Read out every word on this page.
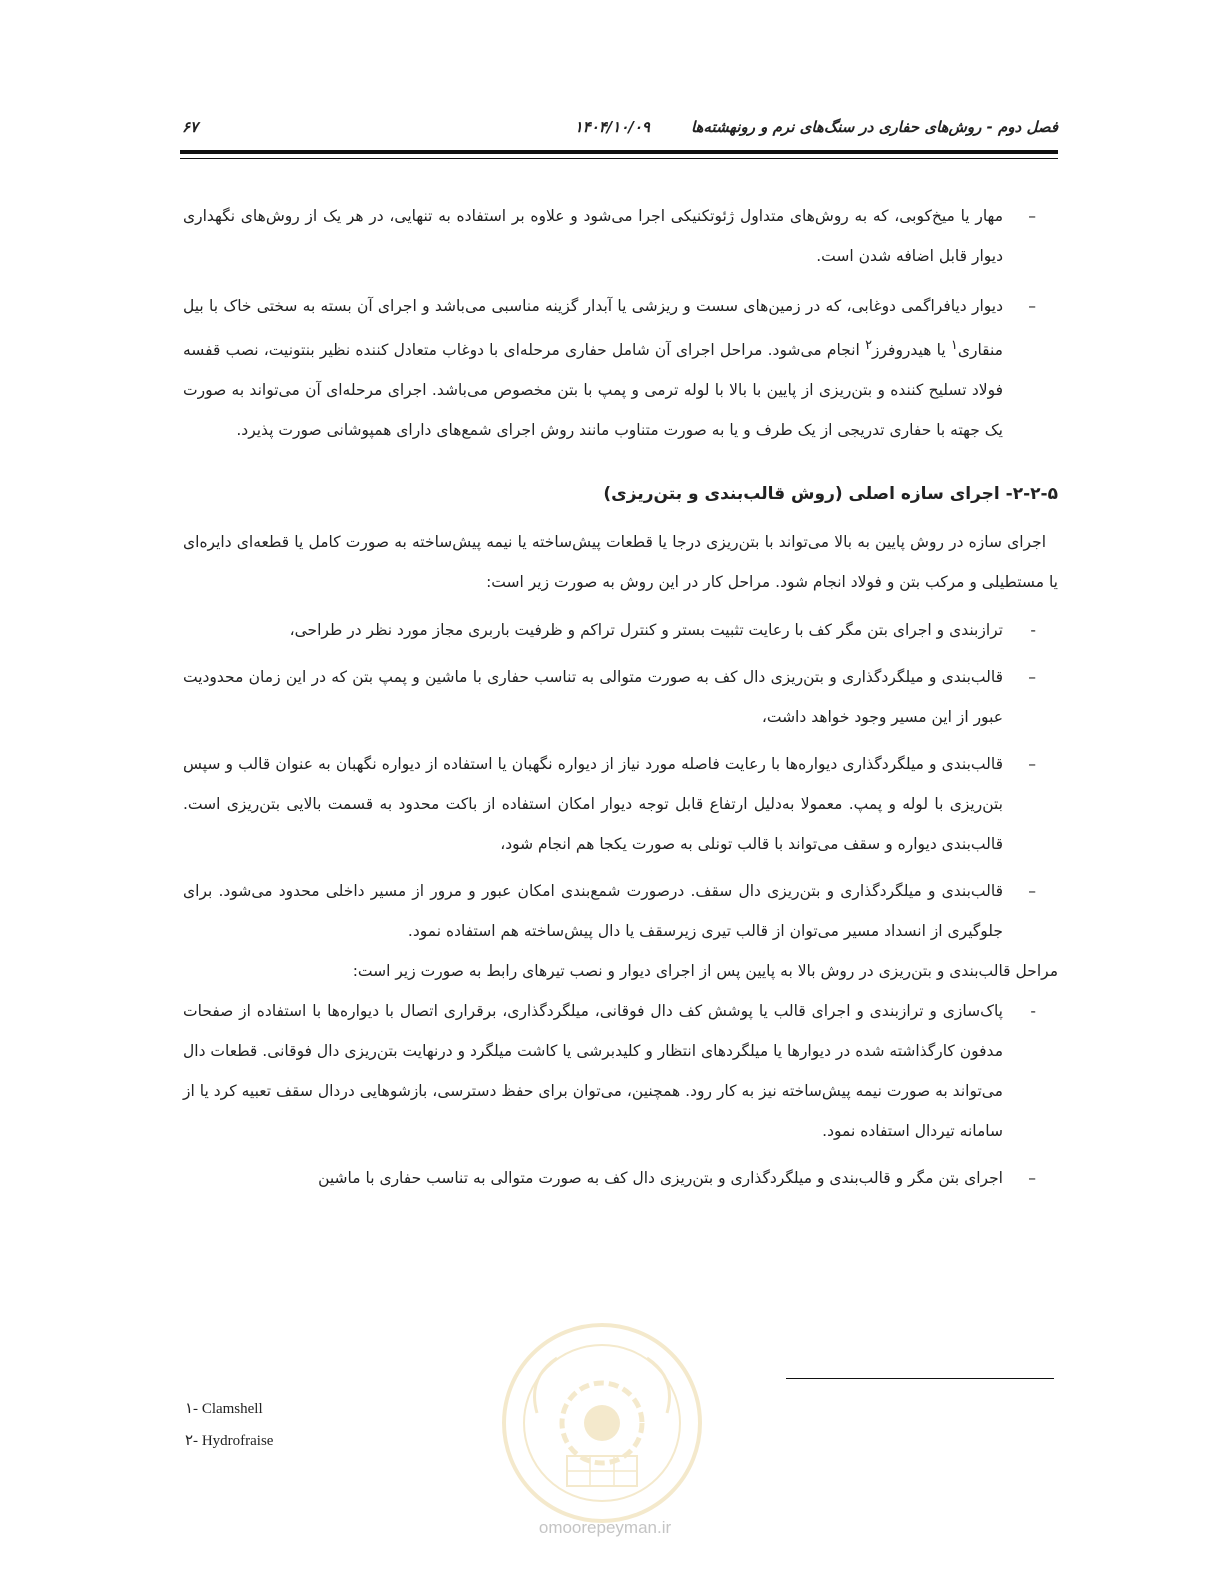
فصل دوم - روش‌های حفاری در سنگ‌های نرم و رونهشته‌ها
۱۴۰۴/۱۰/۰۹
۶۷
–
مهار یا میخ‌کوبی، که به روش‌های متداول ژئوتکنیکی اجرا می‌شود و علاوه بر استفاده به تنهایی، در هر یک از روش‌های نگهداری دیوار قابل اضافه شدن است.
–
دیوار دیافراگمی دوغابی، که در زمین‌های سست و ریزشی یا آبدار گزینه مناسبی می‌باشد و اجرای آن بسته به سختی خاک با بیل منقاری$^۱$ یا هیدروفرز$^۲$ انجام می‌شود. مراحل اجرای آن شامل حفاری مرحله‌ای با دوغاب متعادل کننده نظیر بنتونیت، نصب قفسه فولاد تسلیح کننده و بتن‌ریزی از پایین با بالا با لوله ترمی و پمپ با بتن مخصوص می‌باشد. اجرای مرحله‌ای آن می‌تواند به صورت یک جهته با حفاری تدریجی از یک طرف و یا به صورت متناوب مانند روش اجرای شمع‌های دارای همپوشانی صورت پذیرد.
۲-۲-۵- اجرای سازه اصلی (روش قالب‌بندی و بتن‌ریزی)

اجرای سازه در روش پایین به بالا می‌تواند با بتن‌ریزی درجا یا قطعات پیش‌ساخته یا نیمه پیش‌ساخته به صورت کامل یا قطعه‌ای دایره‌ای یا مستطیلی و مرکب بتن و فولاد انجام شود. مراحل کار در این روش به صورت زیر است:

-
ترازبندی و اجرای بتن مگر کف با رعایت تثبیت بستر و کنترل تراکم و ظرفیت باربری مجاز مورد نظر در طراحی،
–
قالب‌بندی و میلگردگذاری و بتن‌ریزی دال کف به صورت متوالی به تناسب حفاری با ماشین و پمپ بتن که در این زمان محدودیت عبور از این مسیر وجود خواهد داشت،
–
قالب‌بندی و میلگردگذاری دیواره‌ها با رعایت فاصله مورد نیاز از دیواره نگهبان یا استفاده از دیواره نگهبان به عنوان قالب و سپس بتن‌ریزی با لوله و پمپ. معمولا به‌دلیل ارتفاع قابل توجه دیوار امکان استفاده از باکت محدود به قسمت بالایی بتن‌ریزی است. قالب‌بندی دیواره و سقف می‌تواند با قالب تونلی به صورت یکجا هم انجام شود،
–
قالب‌بندی و میلگردگذاری و بتن‌ریزی دال سقف. درصورت شمع‌بندی امکان عبور و مرور از مسیر داخلی محدود می‌شود. برای جلوگیری از انسداد مسیر می‌توان از قالب تیری زیرسقف یا دال پیش‌ساخته هم استفاده نمود.

مراحل قالب‌بندی و بتن‌ریزی در روش بالا به پایین پس از اجرای دیوار و نصب تیرهای رابط به صورت زیر است:

-
پاک‌سازی و ترازبندی و اجرای قالب یا پوشش کف دال فوقانی، میلگردگذاری، برقراری اتصال با دیواره‌ها با استفاده از صفحات مدفون کارگذاشته شده در دیوارها یا میلگردهای انتظار و کلیدبرشی یا کاشت میلگرد و درنهایت بتن‌ریزی دال فوقانی. قطعات دال می‌تواند به صورت نیمه پیش‌ساخته نیز به کار رود. همچنین، می‌توان برای حفظ دسترسی، بازشوهایی دردال سقف تعبیه کرد یا از سامانه تیردال استفاده نمود.
–
اجرای بتن مگر و قالب‌بندی و میلگردگذاری و بتن‌ریزی دال کف به صورت متوالی به تناسب حفاری با ماشین
۱- Clamshell
۲- Hydrofraise
omoorepeyman.ir
